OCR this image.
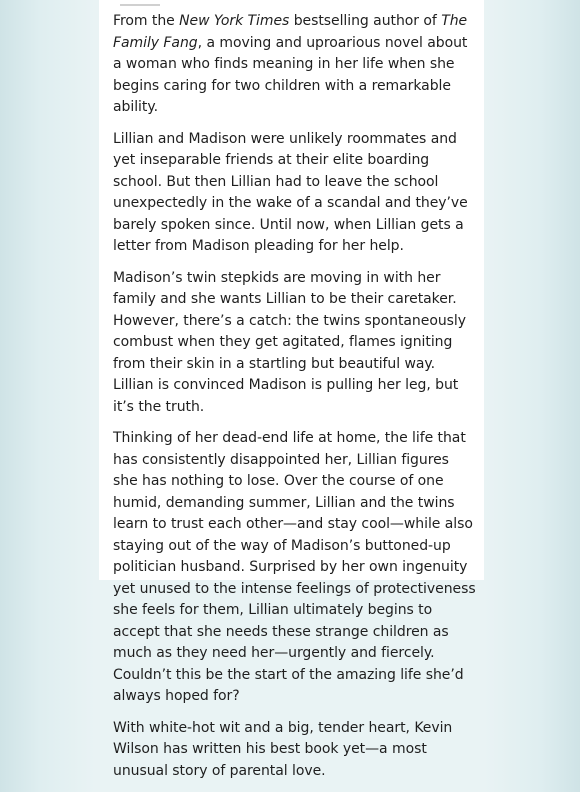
From the New York Times bestselling author of The Family Fang, a moving and uproarious novel about a woman who finds meaning in her life when she begins caring for two children with a remarkable ability.

Lillian and Madison were unlikely roommates and yet inseparable friends at their elite boarding school. But then Lillian had to leave the school unexpectedly in the wake of a scandal and they’ve barely spoken since. Until now, when Lillian gets a letter from Madison pleading for her help.

Madison’s twin stepkids are moving in with her family and she wants Lillian to be their caretaker. However, there’s a catch: the twins spontaneously combust when they get agitated, flames igniting from their skin in a startling but beautiful way. Lillian is convinced Madison is pulling her leg, but it’s the truth.

Thinking of her dead-end life at home, the life that has consistently disappointed her, Lillian figures she has nothing to lose. Over the course of one humid, demanding summer, Lillian and the twins learn to trust each other—and stay cool—while also staying out of the way of Madison’s buttoned-up politician husband. Surprised by her own ingenuity yet unused to the intense feelings of protectiveness she feels for them, Lillian ultimately begins to accept that she needs these strange children as much as they need her—urgently and fiercely. Couldn’t this be the start of the amazing life she’d always hoped for?

With white-hot wit and a big, tender heart, Kevin Wilson has written his best book yet—a most unusual story of parental love.
